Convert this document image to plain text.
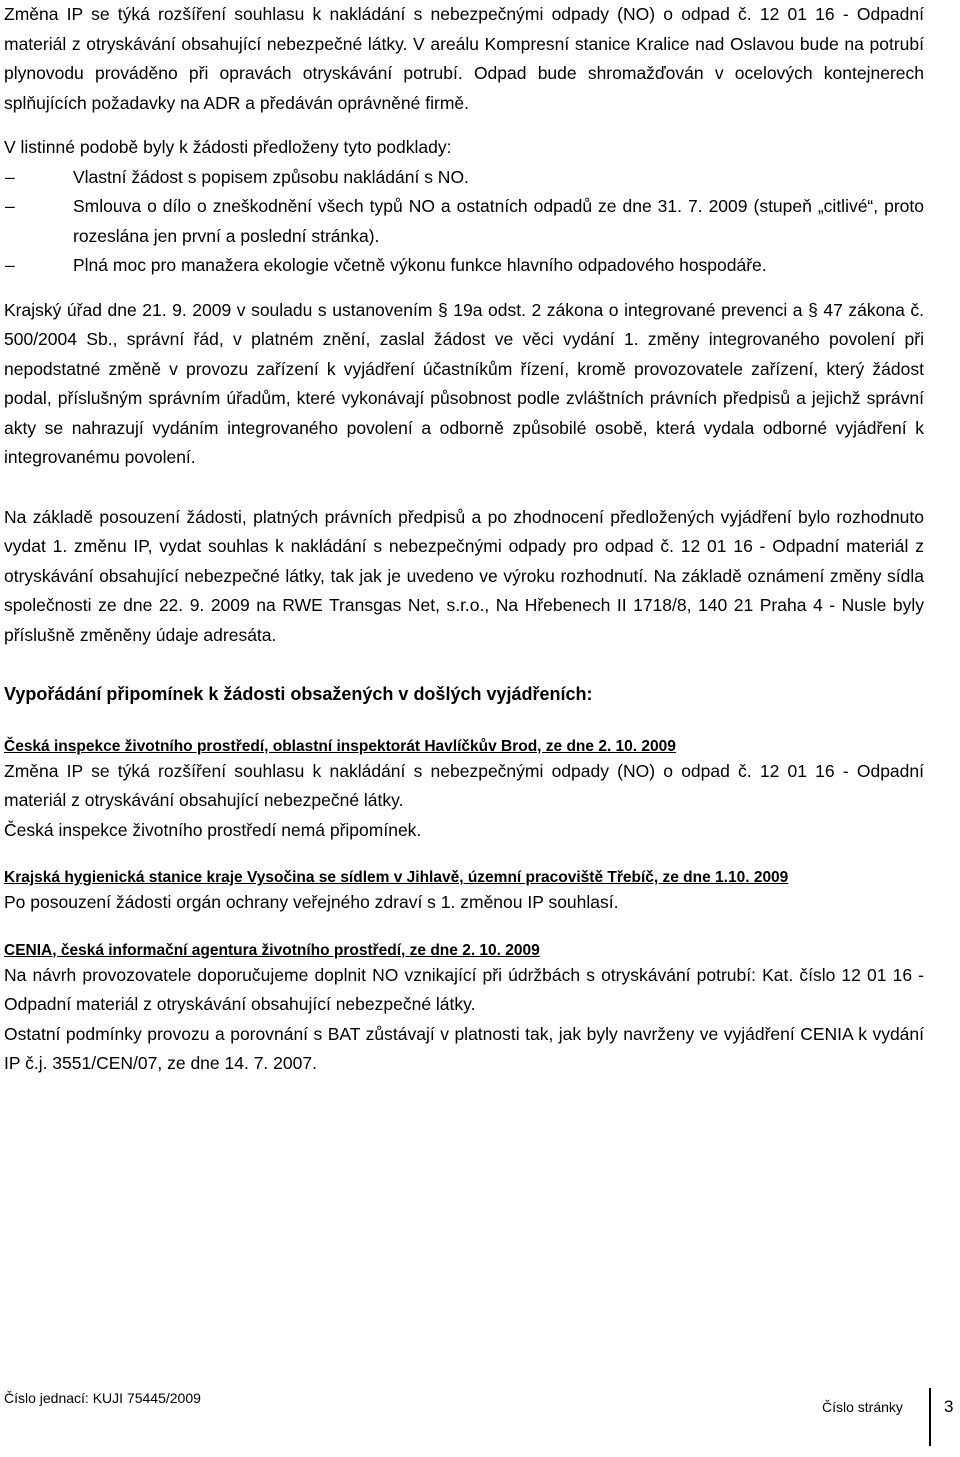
Změna IP se týká rozšíření souhlasu k nakládání s nebezpečnými odpady (NO) o odpad č. 12 01 16 - Odpadní materiál z otryskávání obsahující nebezpečné látky. V areálu Kompresní stanice Kralice nad Oslavou bude na potrubí plynovodu prováděno při opravách otryskávání potrubí. Odpad bude shromažďován v ocelových kontejnerech splňujících požadavky na ADR a předáván oprávněné firmě.

V listinné podobě byly k žádosti předloženy tyto podklady:

–	Vlastní žádost s popisem způsobu nakládání s NO.
–	Smlouva o dílo o zneškodnění všech typů NO a ostatních odpadů ze dne 31. 7. 2009 (stupeň „citlivé“, proto rozeslána jen první a poslední stránka).
–	Plná moc pro manažera ekologie včetně výkonu funkce hlavního odpadového hospodáře.

Krajský úřad dne 21. 9. 2009 v souladu s ustanovením § 19a odst. 2 zákona o integrované prevenci a § 47 zákona č. 500/2004 Sb., správní řád, v platném znění, zaslal žádost ve věci vydání 1. změny integrovaného povolení při nepodstatné změně v provozu zařízení k vyjádření účastníkům řízení, kromě provozovatele zařízení, který žádost podal, příslušným správním úřadům, které vykonávají působnost podle zvláštních právních předpisů a jejichž správní akty se nahrazují vydáním integrovaného povolení a odborně způsobilé osobě, která vydala odborné vyjádření k integrovanému povolení.

Na základě posouzení žádosti, platných právních předpisů a po zhodnocení předložených vyjádření bylo rozhodnuto vydat 1. změnu IP, vydat souhlas k nakládání s nebezpečnými odpady pro odpad č. 12 01 16 - Odpadní materiál z otryskávání obsahující nebezpečné látky, tak jak je uvedeno ve výroku rozhodnutí. Na základě oznámení změny sídla společnosti ze dne 22. 9. 2009 na RWE Transgas Net, s.r.o., Na Hřebenech II 1718/8, 140 21 Praha 4 - Nusle byly příslušně změněny údaje adresáta.

Vypořádání připomínek k žádosti obsažených v došlých vyjádřeních:

Česká inspekce životního prostředí, oblastní inspektorát Havlíčkův Brod, ze dne 2. 10. 2009

Změna IP se týká rozšíření souhlasu k nakládání s nebezpečnými odpady (NO) o odpad č. 12 01 16 - Odpadní materiál z otryskávání obsahující nebezpečné látky.

Česká inspekce životního prostředí nemá připomínek.

Krajská hygienická stanice kraje Vysočina se sídlem v Jihlavě, územní pracoviště Třebíč, ze dne 1.10. 2009

Po posouzení žádosti orgán ochrany veřejného zdraví s 1. změnou IP souhlasí.

CENIA, česká informační agentura životního prostředí, ze dne 2. 10. 2009

Na návrh provozovatele doporučujeme doplnit NO vznikající při údržbách s otryskávání potrubí: Kat. číslo 12 01 16 - Odpadní materiál z otryskávání obsahující nebezpečné látky.

Ostatní podmínky provozu a porovnání s BAT zůstávají v platnosti tak, jak byly navrženy ve vyjádření CENIA k vydání IP č.j. 3551/CEN/07, ze dne 14. 7. 2007.

Číslo jednací: KUJI 75445/2009
Číslo stránky 3
